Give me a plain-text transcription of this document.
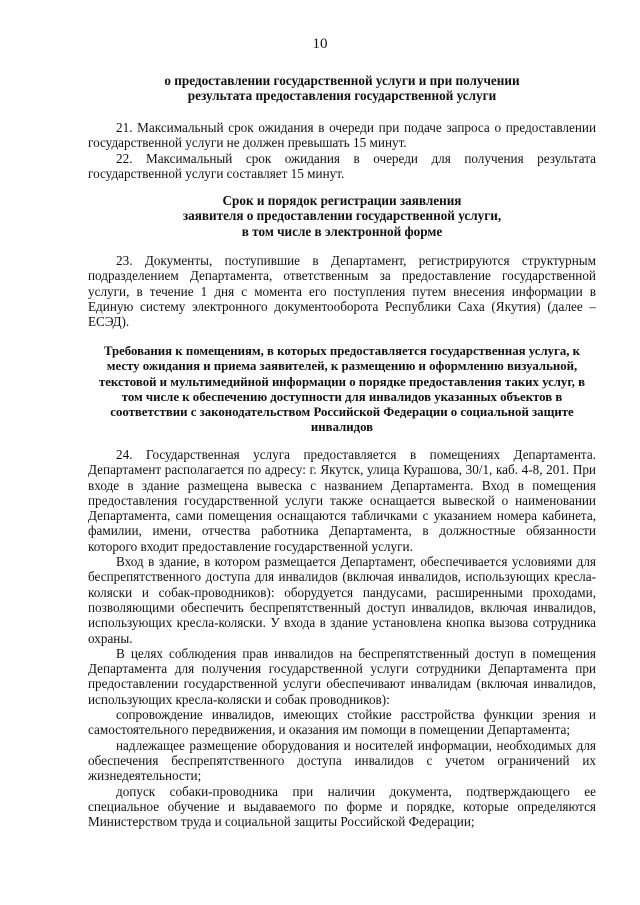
10
о предоставлении государственной услуги и при получении
результата предоставления государственной услуги

21. Максимальный срок ожидания в очереди при подаче запроса о предоставлении государственной услуги не должен превышать 15 минут.

22. Максимальный срок ожидания в очереди для получения результата государственной услуги составляет 15 минут.

Срок и порядок регистрации заявления
заявителя о предоставлении государственной услуги,
в том числе в электронной форме

23. Документы, поступившие в Департамент, регистрируются структурным подразделением Департамента, ответственным за предоставление государственной услуги, в течение 1 дня с момента его поступления путем внесения информации в Единую систему электронного документооборота Республики Саха (Якутия) (далее – ЕСЭД).

Требования к помещениям, в которых предоставляется государственная услуга, к
месту ожидания и приема заявителей, к размещению и оформлению визуальной,
текстовой и мультимедийной информации о порядке предоставления таких услуг, в
том числе к обеспечению доступности для инвалидов указанных объектов в
соответствии с законодательством Российской Федерации о социальной защите
инвалидов

24. Государственная услуга предоставляется в помещениях Департамента. Департамент располагается по адресу: г. Якутск, улица Курашова, 30/1, каб. 4-8, 201. При входе в здание размещена вывеска с названием Департамента. Вход в помещения предоставления государственной услуги также оснащается вывеской о наименовании Департамента, сами помещения оснащаются табличками с указанием номера кабинета, фамилии, имени, отчества работника Департамента, в должностные обязанности которого входит предоставление государственной услуги.

Вход в здание, в котором размещается Департамент, обеспечивается условиями для беспрепятственного доступа для инвалидов (включая инвалидов, использующих кресла-коляски и собак-проводников): оборудуется пандусами, расширенными проходами, позволяющими обеспечить беспрепятственный доступ инвалидов, включая инвалидов, использующих кресла-коляски. У входа в здание установлена кнопка вызова сотрудника охраны.

В целях соблюдения прав инвалидов на беспрепятственный доступ в помещения Департамента для получения государственной услуги сотрудники Департамента при предоставлении государственной услуги обеспечивают инвалидам (включая инвалидов, использующих кресла-коляски и собак проводников):

сопровождение инвалидов, имеющих стойкие расстройства функции зрения и самостоятельного передвижения, и оказания им помощи в помещении Департамента;

надлежащее размещение оборудования и носителей информации, необходимых для обеспечения беспрепятственного доступа инвалидов с учетом ограничений их жизнедеятельности;

допуск собаки-проводника при наличии документа, подтверждающего ее специальное обучение и выдаваемого по форме и порядке, которые определяются Министерством труда и социальной защиты Российской Федерации;
